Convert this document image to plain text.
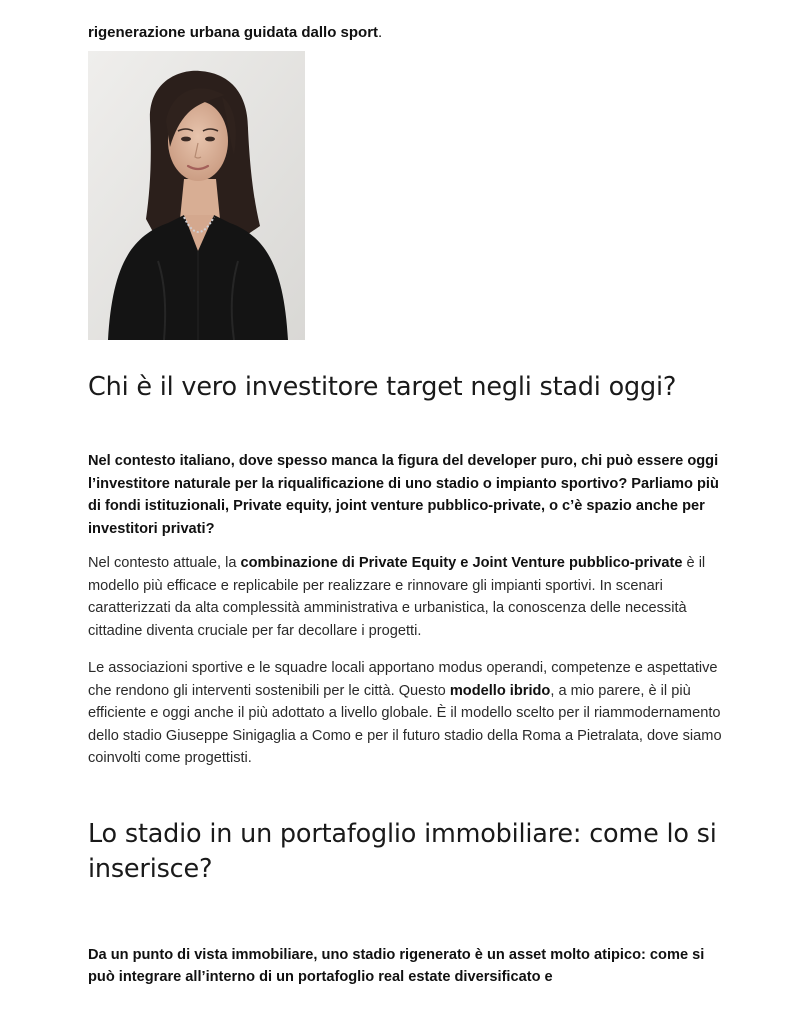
rigenerazione urbana guidata dallo sport.

Chi è il vero investitore target negli stadi oggi?

Nel contesto italiano, dove spesso manca la figura del developer puro, chi può essere oggi l’investitore naturale per la riqualificazione di uno stadio o impianto sportivo? Parliamo più di fondi istituzionali, Private equity, joint venture pubblico-private, o c’è spazio anche per investitori privati?

Nel contesto attuale, la combinazione di Private Equity e Joint Venture pubblico-private è il modello più efficace e replicabile per realizzare e rinnovare gli impianti sportivi. In scenari caratterizzati da alta complessità amministrativa e urbanistica, la conoscenza delle necessità cittadine diventa cruciale per far decollare i progetti.

Le associazioni sportive e le squadre locali apportano modus operandi, competenze e aspettative che rendono gli interventi sostenibili per le città. Questo modello ibrido, a mio parere, è il più efficiente e oggi anche il più adottato a livello globale. È il modello scelto per il riammodernamento dello stadio Giuseppe Sinigaglia a Como e per il futuro stadio della Roma a Pietralata, dove siamo coinvolti come progettisti.

Lo stadio in un portafoglio immobiliare: come lo si inserisce?

Da un punto di vista immobiliare, uno stadio rigenerato è un asset molto atipico: come si può integrare all’interno di un portafoglio real estate diversificato e
